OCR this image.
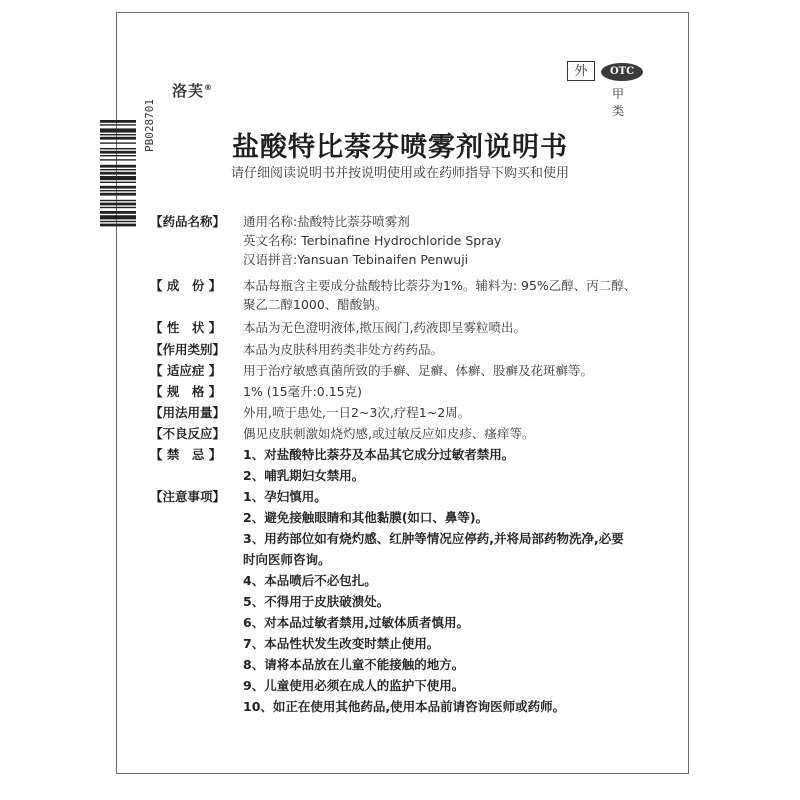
洛芙®
外	OTC
甲类
PB028701	盐酸特比萘芬喷雾剂说明书
请仔细阅读说明书并按说明使用或在药师指导下购买和使用
【药品名称】	通用名称:盐酸特比萘芬喷雾剂
英文名称: Terbinafine Hydrochloride Spray
汉语拼音:Yansuan Tebinaifen Penwuji
【 成　份 】	本品每瓶含主要成分盐酸特比萘芬为1%。辅料为: 95%乙醇、丙二醇、
聚乙二醇1000、醋酸钠。
【 性　状 】	本品为无色澄明液体,揿压阀门,药液即呈雾粒喷出。
【作用类别】	本品为皮肤科用药类非处方药药品。
【 适应症 】	用于治疗敏感真菌所致的手癣、足癣、体癣、股癣及花斑癣等。
【 规　格 】	1% (15毫升:0.15克)
【用法用量】	外用,喷于患处,一日2~3次,疗程1~2周。
【不良反应】	偶见皮肤刺激如烧灼感,或过敏反应如皮疹、瘙痒等。
【 禁　忌 】	1、对盐酸特比萘芬及本品其它成分过敏者禁用。
2、哺乳期妇女禁用。
【注意事项】	1、孕妇慎用。
2、避免接触眼睛和其他黏膜(如口、鼻等)。
3、用药部位如有烧灼感、红肿等情况应停药,并将局部药物洗净,必要
时向医师咨询。
4、本品喷后不必包扎。
5、不得用于皮肤破溃处。
6、对本品过敏者禁用,过敏体质者慎用。
7、本品性状发生改变时禁止使用。
8、请将本品放在儿童不能接触的地方。
9、儿童使用必须在成人的监护下使用。
10、如正在使用其他药品,使用本品前请咨询医师或药师。
